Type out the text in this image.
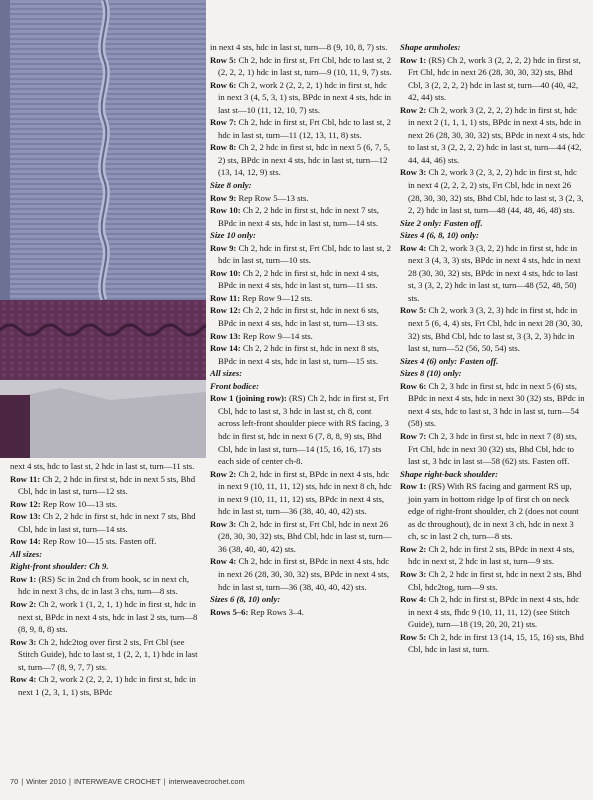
next 4 sts, hdc to last st, 2 hdc in last st, turn—11 sts.

Row 11: Ch 2, 2 hdc in first st, hdc in next 5 sts, Bhd Cbl, hdc in last st, turn—12 sts.

Row 12: Rep Row 10—13 sts.

Row 13: Ch 2, 2 hdc in first st, hdc in next 7 sts, Bhd Cbl, hdc in last st, turn—14 sts.

Row 14: Rep Row 10—15 sts. Fasten off.

All sizes:

Right-front shoulder: Ch 9.

Row 1: (RS) Sc in 2nd ch from hook, sc in next ch, hdc in next 3 chs, dc in last 3 chs, turn—8 sts.

Row 2: Ch 2, work 1 (1, 2, 1, 1) hdc in first st, hdc in next st, BPdc in next 4 sts, hdc in last 2 sts, turn—8 (8, 9, 8, 8) sts.

Row 3: Ch 2, hdc2tog over first 2 sts, Frt Cbl (see Stitch Guide), hdc to last st, 1 (2, 2, 1, 1) hdc in last st, turn—7 (8, 9, 7, 7) sts.

Row 4: Ch 2, work 2 (2, 2, 2, 1) hdc in first st, hdc in next 1 (2, 3, 1, 1) sts, BPdc

in next 4 sts, hdc in last st, turn—8 (9, 10, 8, 7) sts.

Row 5: Ch 2, hdc in first st, Frt Cbl, hdc to last st, 2 (2, 2, 2, 1) hdc in last st, turn—9 (10, 11, 9, 7) sts.

Row 6: Ch 2, work 2 (2, 2, 2, 1) hdc in first st, hdc in next 3 (4, 5, 3, 1) sts, BPdc in next 4 sts, hdc in last st—10 (11, 12, 10, 7) sts.

Row 7: Ch 2, hdc in first st, Frt Cbl, hdc to last st, 2 hdc in last st, turn—11 (12, 13, 11, 8) sts.

Row 8: Ch 2, 2 hdc in first st, hdc in next 5 (6, 7, 5, 2) sts, BPdc in next 4 sts, hdc in last st, turn—12 (13, 14, 12, 9) sts.

Size 8 only:

Row 9: Rep Row 5—13 sts.

Row 10: Ch 2, 2 hdc in first st, hdc in next 7 sts, BPdc in next 4 sts, hdc in last st, turn—14 sts.

Size 10 only:

Row 9: Ch 2, hdc in first st, Frt Cbl, hdc to last st, 2 hdc in last st, turn—10 sts.

Row 10: Ch 2, 2 hdc in first st, hdc in next 4 sts, BPdc in next 4 sts, hdc in last st, turn—11 sts.

Row 11: Rep Row 9—12 sts.

Row 12: Ch 2, 2 hdc in first st, hdc in next 6 sts, BPdc in next 4 sts, hdc in last st, turn—13 sts.

Row 13: Rep Row 9—14 sts.

Row 14: Ch 2, 2 hdc in first st, hdc in next 8 sts, BPdc in next 4 sts, hdc in last st, turn—15 sts.

All sizes:

Front bodice:

Row 1 (joining row): (RS) Ch 2, hdc in first st, Frt Cbl, hdc to last st, 3 hdc in last st, ch 8, cont across left-front shoulder piece with RS facing, 3 hdc in first st, hdc in next 6 (7, 8, 8, 9) sts, Bhd Cbl, hdc in last st, turn—14 (15, 16, 16, 17) sts each side of center ch-8.

Row 2: Ch 2, hdc in first st, BPdc in next 4 sts, hdc in next 9 (10, 11, 11, 12) sts, hdc in next 8 ch, hdc in next 9 (10, 11, 11, 12) sts, BPdc in next 4 sts, hdc in last st, turn—36 (38, 40, 40, 42) sts.

Row 3: Ch 2, hdc in first st, Frt Cbl, hdc in next 26 (28, 30, 30, 32) sts, Bhd Cbl, hdc in last st, turn—36 (38, 40, 40, 42) sts.

Row 4: Ch 2, hdc in first st, BPdc in next 4 sts, hdc in next 26 (28, 30, 30, 32) sts, BPdc in next 4 sts, hdc in last st, turn—36 (38, 40, 40, 42) sts.

Sizes 6 (8, 10) only:

Rows 5–6: Rep Rows 3–4.

Shape armholes:

Row 1: (RS) Ch 2, work 3 (2, 2, 2, 2) hdc in first st, Frt Cbl, hdc in next 26 (28, 30, 30, 32) sts, Bhd Cbl, 3 (2, 2, 2, 2) hdc in last st, turn—40 (40, 42, 42, 44) sts.

Row 2: Ch 2, work 3 (2, 2, 2, 2) hdc in first st, hdc in next 2 (1, 1, 1, 1) sts, BPdc in next 4 sts, hdc in next 26 (28, 30, 30, 32) sts, BPdc in next 4 sts, hdc to last st, 3 (2, 2, 2, 2) hdc in last st, turn—44 (42, 44, 44, 46) sts.

Row 3: Ch 2, work 3 (2, 3, 2, 2) hdc in first st, hdc in next 4 (2, 2, 2, 2) sts, Frt Cbl, hdc in next 26 (28, 30, 30, 32) sts, Bhd Cbl, hdc to last st, 3 (2, 3, 2, 2) hdc in last st, turn—48 (44, 48, 46, 48) sts.

Size 2 only: Fasten off.

Sizes 4 (6, 8, 10) only:

Row 4: Ch 2, work 3 (3, 2, 2) hdc in first st, hdc in next 3 (4, 3, 3) sts, BPdc in next 4 sts, hdc in next 28 (30, 30, 32) sts, BPdc in next 4 sts, hdc to last st, 3 (3, 2, 2) hdc in last st, turn—48 (52, 48, 50) sts.

Row 5: Ch 2, work 3 (3, 2, 3) hdc in first st, hdc in next 5 (6, 4, 4) sts, Frt Cbl, hdc in next 28 (30, 30, 32) sts, Bhd Cbl, hdc to last st, 3 (3, 2, 3) hdc in last st, turn—52 (56, 50, 54) sts.

Sizes 4 (6) only: Fasten off.

Sizes 8 (10) only:

Row 6: Ch 2, 3 hdc in first st, hdc in next 5 (6) sts, BPdc in next 4 sts, hdc in next 30 (32) sts, BPdc in next 4 sts, hdc to last st, 3 hdc in last st, turn—54 (58) sts.

Row 7: Ch 2, 3 hdc in first st, hdc in next 7 (8) sts, Frt Cbl, hdc in next 30 (32) sts, Bhd Cbl, hdc to last st, 3 hdc in last st—58 (62) sts. Fasten off.

Shape right-back shoulder:

Row 1: (RS) With RS facing and garment RS up, join yarn in bottom ridge lp of first ch on neck edge of right-front shoulder, ch 2 (does not count as dc throughout), dc in next 3 ch, hdc in next 3 ch, sc in last 2 ch, turn—8 sts.

Row 2: Ch 2, hdc in first 2 sts, BPdc in next 4 sts, hdc in next st, 2 hdc in last st, turn—9 sts.

Row 3: Ch 2, 2 hdc in first st, hdc in next 2 sts, Bhd Cbl, hdc2tog, turn—9 sts.

Row 4: Ch 2, hdc in first st, BPdc in next 4 sts, hdc in next 4 sts, fhdc 9 (10, 11, 11, 12) (see Stitch Guide), turn—18 (19, 20, 20, 21) sts.

Row 5: Ch 2, hdc in first 13 (14, 15, 15, 16) sts, Bhd Cbl, hdc in last st, turn.

70 | Winter 2010 | INTERWEAVE CROCHET | interweavecrochet.com
